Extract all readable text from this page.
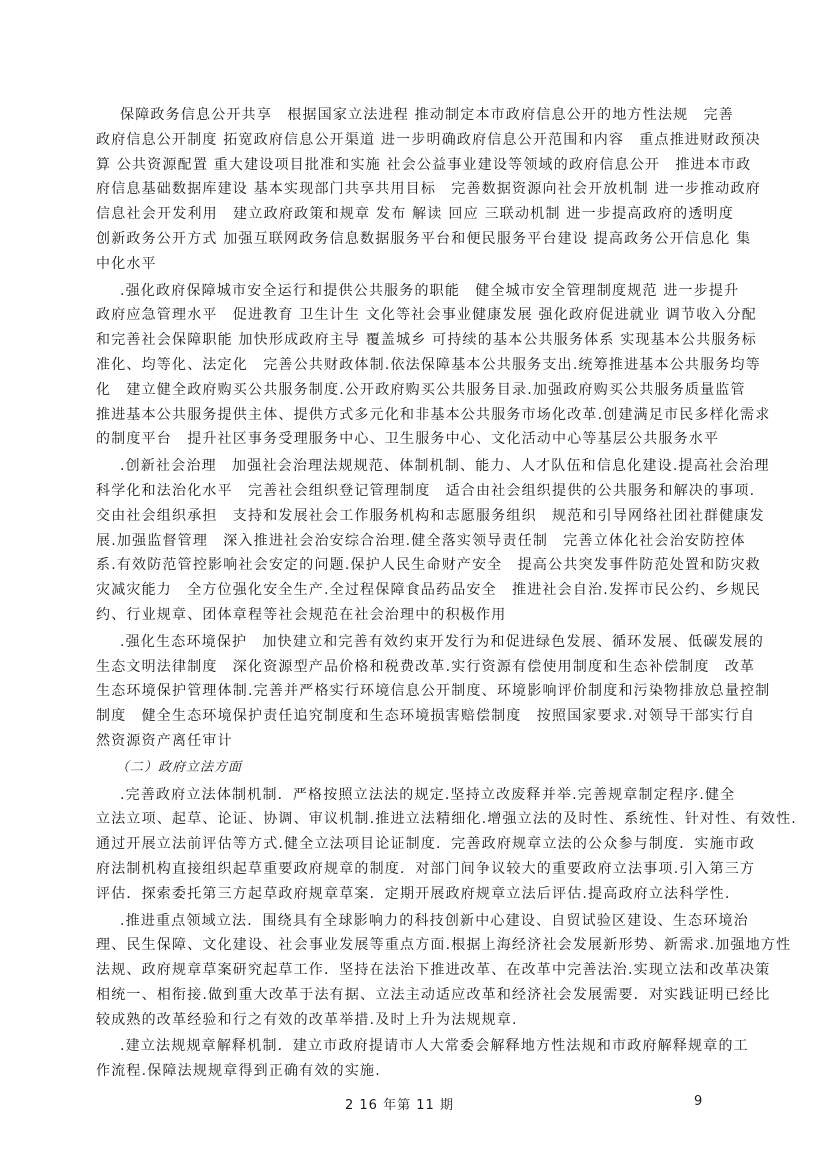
保障政务信息公开共享　根据国家立法进程 推动制定本市政府信息公开的地方性法规　完善
政府信息公开制度 拓宽政府信息公开渠道 进一步明确政府信息公开范围和内容　重点推进财政预决
算 公共资源配置 重大建设项目批准和实施 社会公益事业建设等领域的政府信息公开　推进本市政
府信息基础数据库建设 基本实现部门共享共用目标　完善数据资源向社会开放机制 进一步推动政府
信息社会开发利用　建立政府政策和规章 发布 解读 回应 三联动机制 进一步提高政府的透明度
创新政务公开方式 加强互联网政务信息数据服务平台和便民服务平台建设 提高政务公开信息化 集
中化水平
.强化政府保障城市安全运行和提供公共服务的职能　健全城市安全管理制度规范 进一步提升
政府应急管理水平　促进教育 卫生计生 文化等社会事业健康发展 强化政府促进就业 调节收入分配
和完善社会保障职能 加快形成政府主导 覆盖城乡 可持续的基本公共服务体系 实现基本公共服务标
准化、均等化、法定化　完善公共财政体制.依法保障基本公共服务支出.统筹推进基本公共服务均等
化　建立健全政府购买公共服务制度.公开政府购买公共服务目录.加强政府购买公共服务质量监管
推进基本公共服务提供主体、提供方式多元化和非基本公共服务市场化改革.创建满足市民多样化需求
的制度平台　提升社区事务受理服务中心、卫生服务中心、文化活动中心等基层公共服务水平
.创新社会治理　加强社会治理法规规范、体制机制、能力、人才队伍和信息化建设.提高社会治理
科学化和法治化水平　完善社会组织登记管理制度　适合由社会组织提供的公共服务和解决的事项.
交由社会组织承担　支持和发展社会工作服务机构和志愿服务组织　规范和引导网络社团社群健康发
展.加强监督管理　深入推进社会治安综合治理.健全落实领导责任制　完善立体化社会治安防控体
系.有效防范管控影响社会安定的问题.保护人民生命财产安全　提高公共突发事件防范处置和防灾救
灾减灾能力　全方位强化安全生产.全过程保障食品药品安全　推进社会自治.发挥市民公约、乡规民
约、行业规章、团体章程等社会规范在社会治理中的积极作用
.强化生态环境保护　加快建立和完善有效约束开发行为和促进绿色发展、循环发展、低碳发展的
生态文明法律制度　深化资源型产品价格和税费改革.实行资源有偿使用制度和生态补偿制度　改革
生态环境保护管理体制.完善并严格实行环境信息公开制度、环境影响评价制度和污染物排放总量控制
制度　健全生态环境保护责任追究制度和生态环境损害赔偿制度　按照国家要求.对领导干部实行自
然资源资产离任审计
（二）政府立法方面
.完善政府立法体制机制．严格按照立法法的规定.坚持立改废释并举.完善规章制定程序.健全
立法立项、起草、论证、协调、审议机制.推进立法精细化.增强立法的及时性、系统性、针对性、有效性.
通过开展立法前评估等方式.健全立法项目论证制度．完善政府规章立法的公众参与制度．实施市政
府法制机构直接组织起草重要政府规章的制度．对部门间争议较大的重要政府立法事项.引入第三方
评估．探索委托第三方起草政府规章草案．定期开展政府规章立法后评估.提高政府立法科学性.
.推进重点领域立法．围绕具有全球影响力的科技创新中心建设、自贸试验区建设、生态环境治
理、民生保障、文化建设、社会事业发展等重点方面.根据上海经济社会发展新形势、新需求.加强地方性
法规、政府规章草案研究起草工作．坚持在法治下推进改革、在改革中完善法治.实现立法和改革决策
相统一、相衔接.做到重大改革于法有据、立法主动适应改革和经济社会发展需要．对实践证明已经比
较成熟的改革经验和行之有效的改革举措.及时上升为法规规章.
.建立法规规章解释机制．建立市政府提请市人大常委会解释地方性法规和市政府解释规章的工
作流程.保障法规规章得到正确有效的实施.
2 16 年第 11 期	9
